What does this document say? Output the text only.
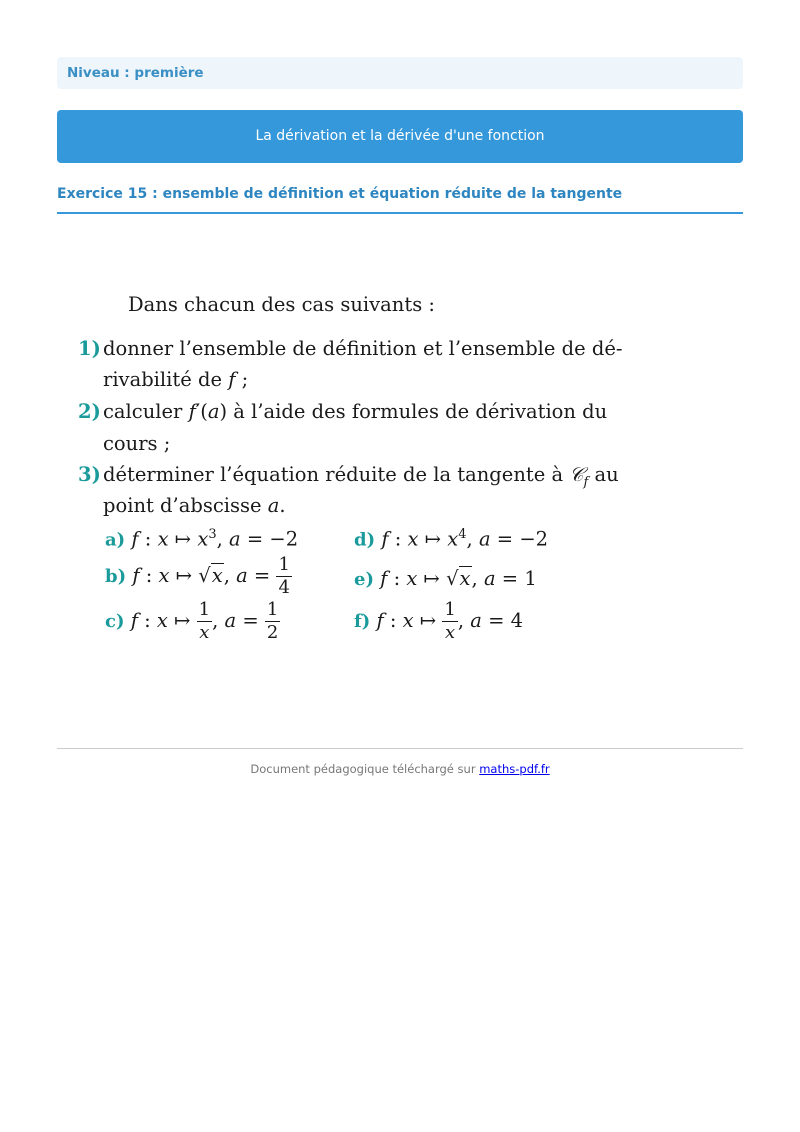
Niveau : première
La dérivation et la dérivée d'une fonction
Exercice 15 : ensemble de définition et équation réduite de la tangente
Dans chacun des cas suivants :
1) donner l’ensemble de définition et l’ensemble de dé-
rivabilité de f ;
2) calculer f′(a) à l’aide des formules de dérivation du
cours ;
3) déterminer l’équation réduite de la tangente à 𝒞$_f$ au
point d’abscisse a.
a) f : x ↦ $x^3$, a = −2
b) f : x ↦ √x, $a = \frac{1}{4}$
c) f : x ↦ $\frac{1}{x}$ , $a = \frac{1}{2}$
d) f : x ↦ $x^4$, a = −2
e) f : x ↦ √x, a = 1
f) f : x ↦ $\frac{1}{x}$ , a = 4
Document pédagogique téléchargé sur maths-pdf.fr
